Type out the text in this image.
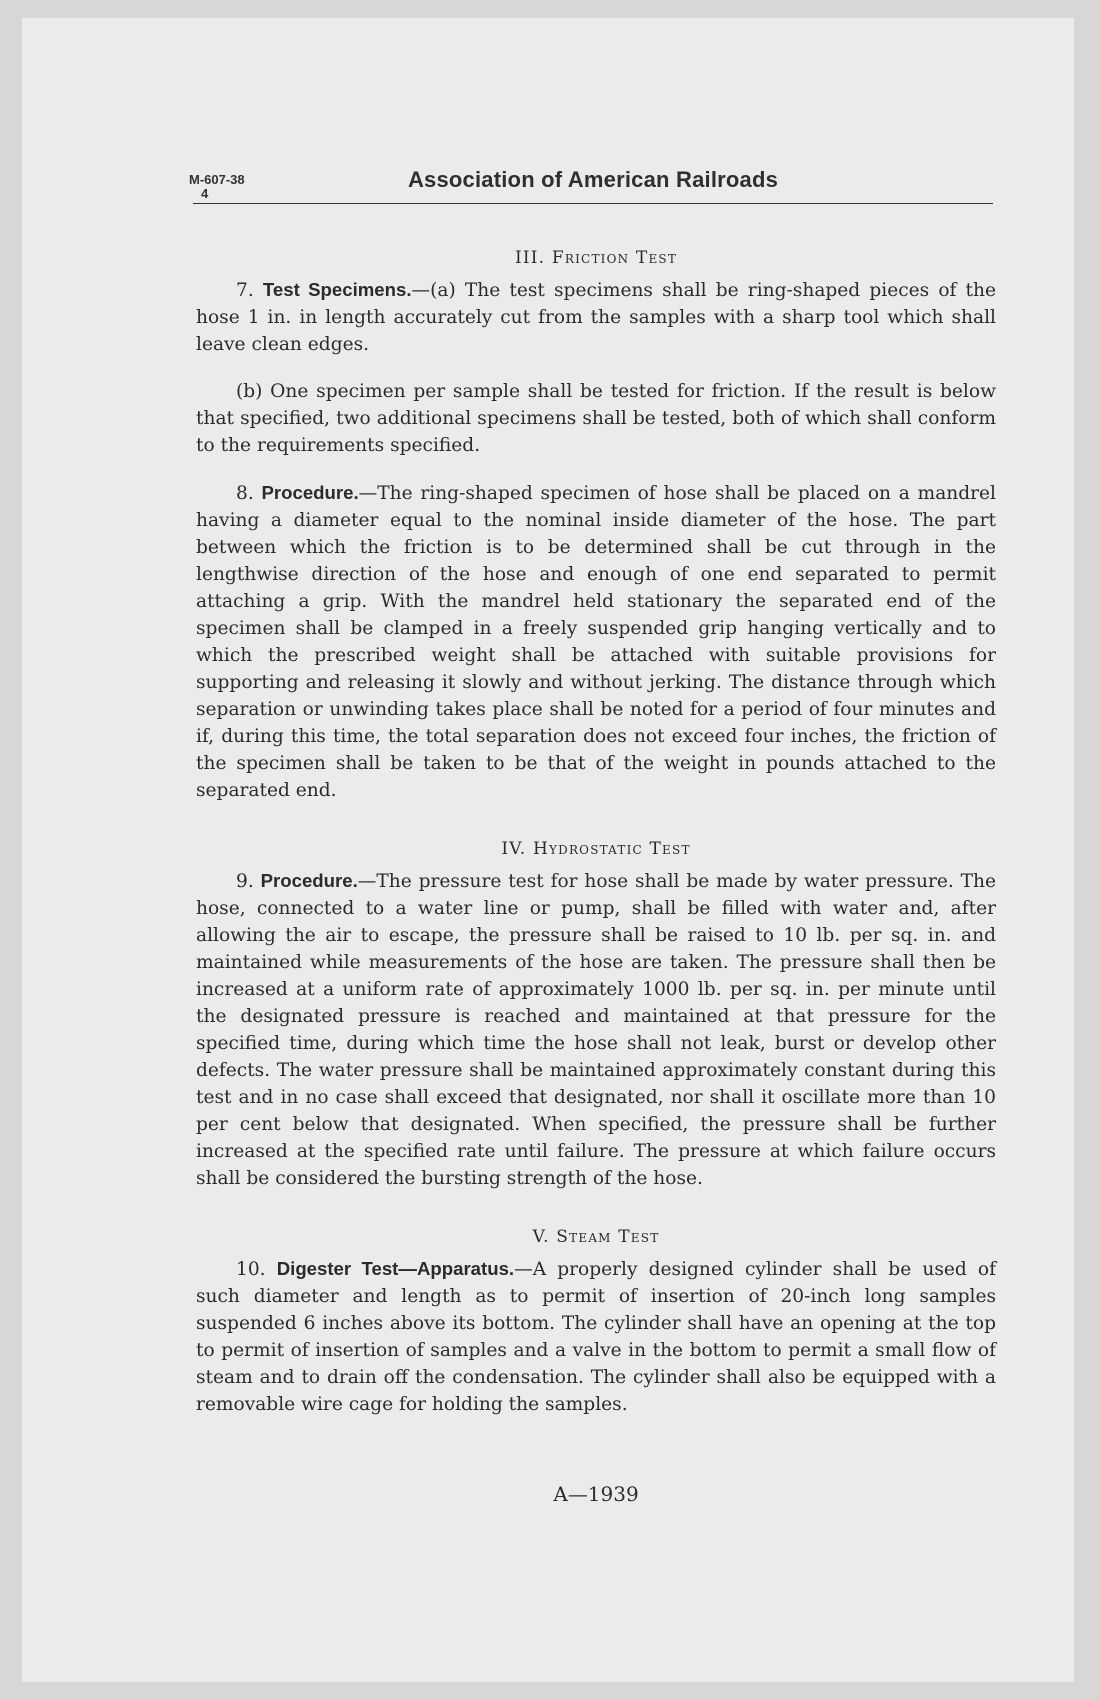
M-607-38
4
Association of American Railroads

III. Friction Test

7. Test Specimens.—(a) The test specimens shall be ring-shaped pieces of the hose 1 in. in length accurately cut from the samples with a sharp tool which shall leave clean edges.

(b) One specimen per sample shall be tested for friction. If the result is below that specified, two additional specimens shall be tested, both of which shall conform to the requirements specified.

8. Procedure.—The ring-shaped specimen of hose shall be placed on a mandrel having a diameter equal to the nominal inside diameter of the hose. The part between which the friction is to be determined shall be cut through in the lengthwise direction of the hose and enough of one end separated to permit attaching a grip. With the mandrel held stationary the separated end of the specimen shall be clamped in a freely suspended grip hanging vertically and to which the prescribed weight shall be attached with suitable provisions for supporting and releasing it slowly and without jerking. The distance through which separation or unwinding takes place shall be noted for a period of four minutes and if, during this time, the total separation does not exceed four inches, the friction of the specimen shall be taken to be that of the weight in pounds attached to the separated end.

IV. Hydrostatic Test

9. Procedure.—The pressure test for hose shall be made by water pressure. The hose, connected to a water line or pump, shall be filled with water and, after allowing the air to escape, the pressure shall be raised to 10 lb. per sq. in. and maintained while measurements of the hose are taken. The pressure shall then be increased at a uniform rate of approximately 1000 lb. per sq. in. per minute until the designated pressure is reached and maintained at that pressure for the specified time, during which time the hose shall not leak, burst or develop other defects. The water pressure shall be maintained approximately constant during this test and in no case shall exceed that designated, nor shall it oscillate more than 10 per cent below that designated. When specified, the pressure shall be further increased at the specified rate until failure. The pressure at which failure occurs shall be considered the bursting strength of the hose.

V. Steam Test

10. Digester Test—Apparatus.—A properly designed cylinder shall be used of such diameter and length as to permit of insertion of 20-inch long samples suspended 6 inches above its bottom. The cylinder shall have an opening at the top to permit of insertion of samples and a valve in the bottom to permit a small flow of steam and to drain off the condensation. The cylinder shall also be equipped with a removable wire cage for holding the samples.

A—1939
